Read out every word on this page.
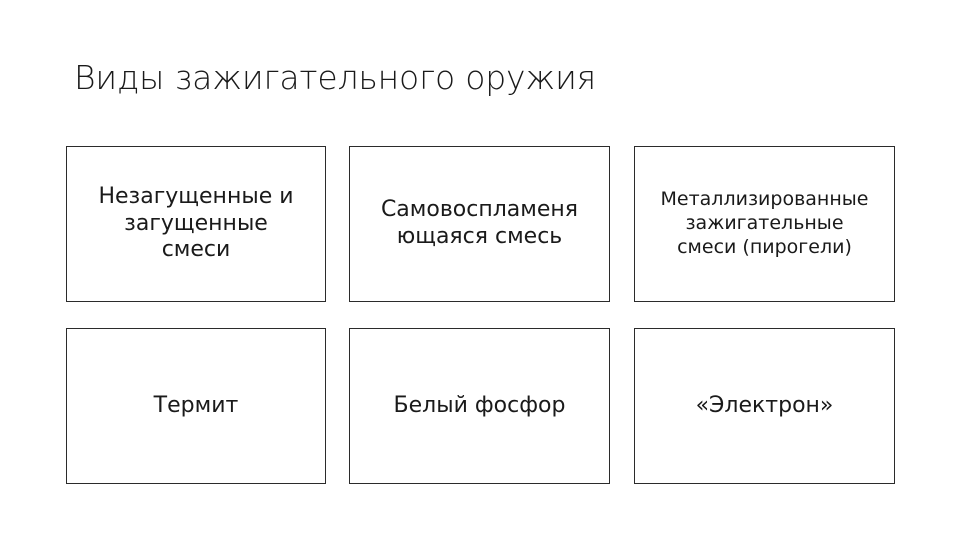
Виды зажигательного оружия
Незагущенные и
загущенные
смеси
Самовоспламеня
ющаяся смесь
Металлизированные
зажигательные
смеси (пирогели)
Термит	Белый фосфор	«Электрон»
